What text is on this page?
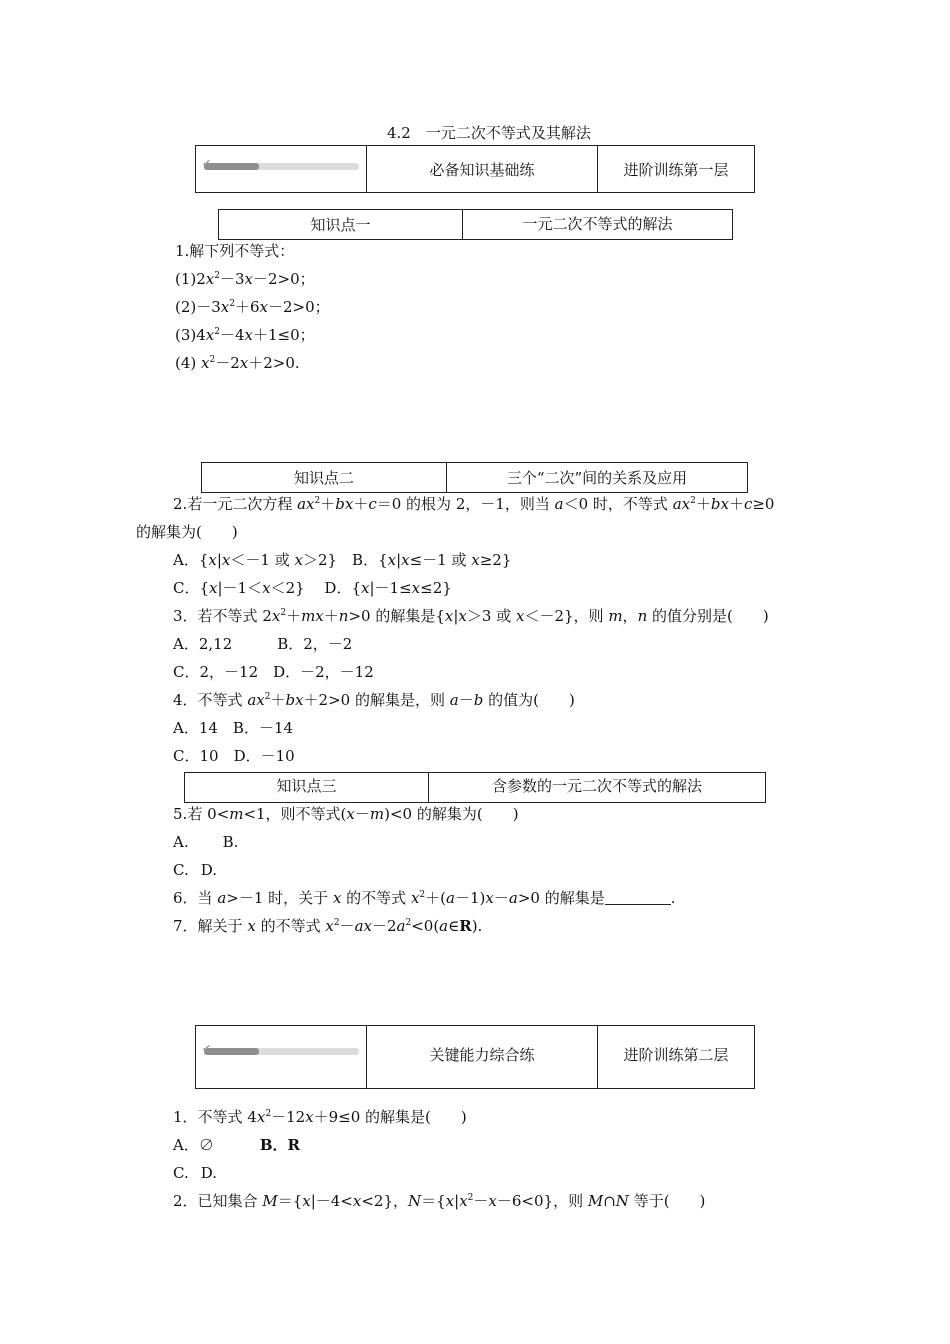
4.2　一元二次不等式及其解法
✔	必备知识基础练	进阶训练第一层
知识点一	一元二次不等式的解法
1.解下列不等式：
$(1)2x^2-3x-2>0$；
$(2)-3x^2+6x-2>0$；
$(3)4x^2-4x+1\le 0$；
(4) $x^2-2x+2>0$.
知识点二	三个“二次”间的关系及应用
2.若一元二次方程 $ax^2+bx+c=0$ 的根为 2，－1，则当 a＜0 时，不等式 $ax^2+bx+c\ge 0$
的解集为(　　)
A．{x|x＜－1 或 x＞2}　B．{x|x≤－1 或 x≥2}
C．{x|－1＜x＜2}　 D．{x|－1≤x≤2}
3．若不等式 $2x^2+mx+n>0$ 的解集是{x|x＞3 或 x＜－2}，则 m，n 的值分别是(　　)
A．2,12　　　B．2，－2
C．2，－12　D．－2，－12
4．不等式 $ax^2+bx+2>0$ 的解集是，则 a－b 的值为(　　)
A．14　B．－14
C．10　D．－10
知识点三	含参数的一元二次不等式的解法
5.若 0<m<1，则不等式(x－m)<0 的解集为(　　)
A. B.
C. D.
6．当 a>－1 时，关于 x 的不等式 $x^2+(a-1)x-a>0$ 的解集是	.
7．解关于 x 的不等式 $x^2-ax-2a^2<0(a\in R)$.
✔	关键能力综合练	进阶训练第二层
1．不等式 $4x^2-12x+9\le 0$ 的解集是(　　)
A．∅	B．R
C. D.
2．已知集合 M＝{x|－4<x<2}，$N=\{x|x^2-x-6<0\}$，则 M∩N 等于(　　)
